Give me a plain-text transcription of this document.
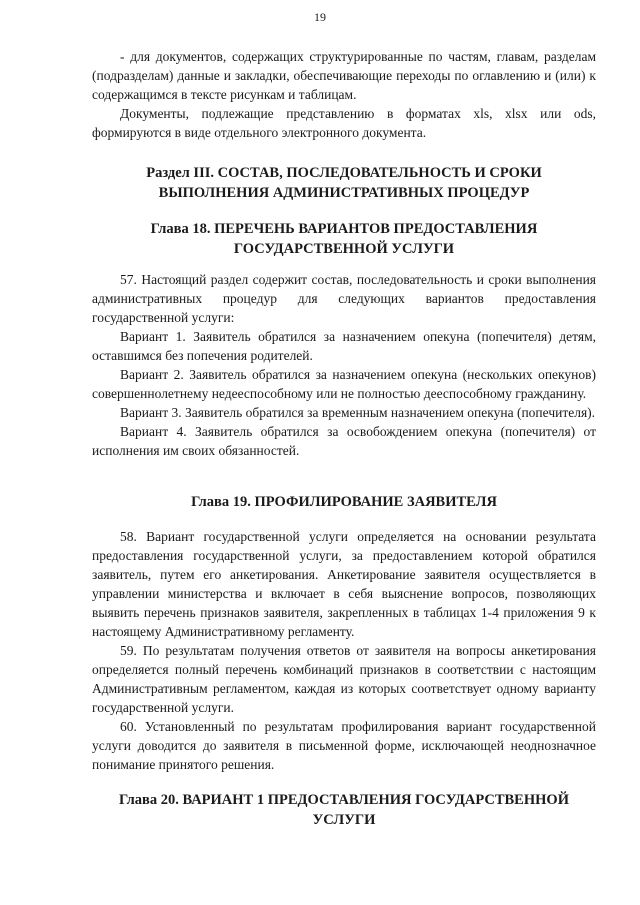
19

- для документов, содержащих структурированные по частям, главам, разделам (подразделам) данные и закладки, обеспечивающие переходы по оглавлению и (или) к содержащимся в тексте рисункам и таблицам.

Документы, подлежащие представлению в форматах xls, xlsx или ods, формируются в виде отдельного электронного документа.

Раздел III. СОСТАВ, ПОСЛЕДОВАТЕЛЬНОСТЬ И СРОКИ ВЫПОЛНЕНИЯ АДМИНИСТРАТИВНЫХ ПРОЦЕДУР
Глава 18. ПЕРЕЧЕНЬ ВАРИАНТОВ ПРЕДОСТАВЛЕНИЯ ГОСУДАРСТВЕННОЙ УСЛУГИ

57. Настоящий раздел содержит состав, последовательность и сроки выполнения административных процедур для следующих вариантов предоставления государственной услуги:

Вариант 1. Заявитель обратился за назначением опекуна (попечителя) детям, оставшимся без попечения родителей.

Вариант 2. Заявитель обратился за назначением опекуна (нескольких опекунов) совершеннолетнему недееспособному или не полностью дееспособному гражданину.

Вариант 3. Заявитель обратился за временным назначением опекуна (попечителя).

Вариант 4. Заявитель обратился за освобождением опекуна (попечителя) от исполнения им своих обязанностей.

Глава 19. ПРОФИЛИРОВАНИЕ ЗАЯВИТЕЛЯ

58. Вариант государственной услуги определяется на основании результата предоставления государственной услуги, за предоставлением которой обратился заявитель, путем его анкетирования. Анкетирование заявителя осуществляется в управлении министерства и включает в себя выяснение вопросов, позволяющих выявить перечень признаков заявителя, закрепленных в таблицах 1-4 приложения 9 к настоящему Административному регламенту.

59. По результатам получения ответов от заявителя на вопросы анкетирования определяется полный перечень комбинаций признаков в соответствии с настоящим Административным регламентом, каждая из которых соответствует одному варианту государственной услуги.

60. Установленный по результатам профилирования вариант государственной услуги доводится до заявителя в письменной форме, исключающей неоднозначное понимание принятого решения.

Глава 20. ВАРИАНТ 1 ПРЕДОСТАВЛЕНИЯ ГОСУДАРСТВЕННОЙ УСЛУГИ
